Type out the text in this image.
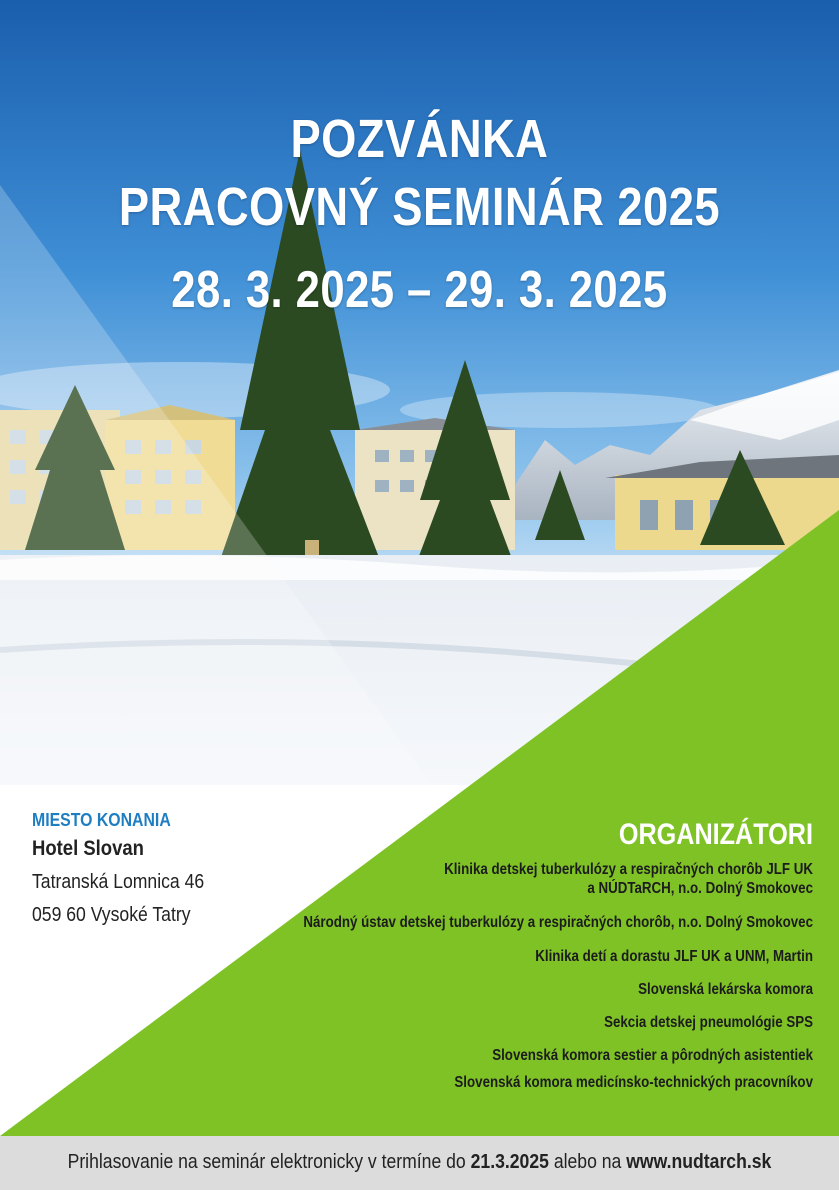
POZVÁNKA
PRACOVNÝ SEMINÁR 2025
28. 3. 2025 – 29. 3. 2025
MIESTO KONANIA
Hotel Slovan
Tatranská Lomnica 46
059 60 Vysoké Tatry
ORGANIZÁTORI
Klinika detskej tuberkulózy a respiračných chorôb JLF UK
a NÚDTaRCH, n.o. Dolný Smokovec
Národný ústav detskej tuberkulózy a respiračných chorôb, n.o. Dolný Smokovec
Klinika detí a dorastu JLF UK a UNM, Martin
Slovenská lekárska komora
Sekcia detskej pneumológie SPS
Slovenská komora sestier a pôrodných asistentiek
Slovenská komora medicínsko-technických pracovníkov
Prihlasovanie na seminár elektronicky v termíne do 21.3.2025 alebo na www.nudtarch.sk
